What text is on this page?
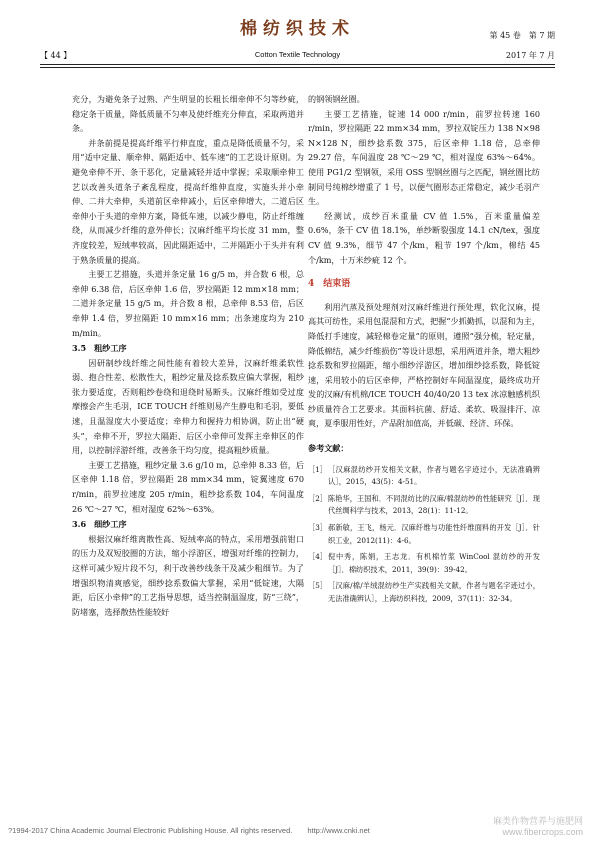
棉纺织技术	第 45 卷　第 7 期
【 44 】	Cotton Textile Technology	2017 年 7 月

充分，为避免条子过熟、产生明显的长粗长细牵伸不匀等纱疵，稳定条干质量，降低质量不匀率及使纤维充分伸直，采取两道并条。

并条前提是提高纤维平行伸直度，重点是降低质量不匀，采用“适中定量、顺牵伸、隔距适中、低车速”的工艺设计原则。为避免牵伸不开、条干恶化，定量减轻并适中掌握；采取顺牵伸工艺以改善头道条子紊乱程度，提高纤维伸直度，实施头并小牵伸、二并大牵伸，头道前区牵伸减小，后区牵伸增大，二道后区牵伸小于头道的牵伸方案，降低车速，以减少静电，防止纤维缠绕，从而减少纤维的意外伸长；汉麻纤维平均长度 31 mm，整齐度较差，短绒率较高，因此隔距适中，二并隔距小于头并有利于熟条质量的提高。

主要工艺措施，头道并条定量 16 g/5 m，并合数 6 根，总牵伸 6.38 倍，后区牵伸 1.6 倍，罗拉隔距 12 mm×18 mm；二道并条定量 15 g/5 m，并合数 8 根，总牵伸 8.53 倍，后区牵伸 1.4 倍，罗拉隔距 10 mm×16 mm；出条速度均为 210 m/min。

3.5　粗纱工序

因研制纱线纤维之间性能有着较大差异，汉麻纤维柔软性弱、抱合性差、松散性大，粗纱定量及捻系数应偏大掌握，粗纱张力要适度，否则粗纱卷绕和退绕时易断头。汉麻纤维如受过度摩擦会产生毛羽，ICE TOUCH 纤维则易产生静电和毛羽，要低速，且温湿度大小要适度；牵伸力和握持力相协调，防止出“硬头”，牵伸不开，罗拉大隔距、后区小牵伸可发挥主牵伸区的作用，以控制浮游纤维，改善条干均匀度，提高粗纱质量。

主要工艺措施，粗纱定量 3.6 g/10 m，总牵伸 8.33 倍，后区牵伸 1.18 倍，罗拉隔距 28 mm×34 mm，锭翼速度 670 r/min，前罗拉速度 205 r/min，粗纱捻系数 104，车间温度 26 ℃～27 ℃，相对湿度 62%～63%。

3.6　细纱工序

根据汉麻纤维离散性高、短绒率高的特点，采用增强前钳口的压力及双短胶圈的方法，缩小浮游区，增强对纤维的控制力，这样可减少短片段不匀，利于改善纱线条干及减少粗细节。为了增强织物清爽感觉，细纱捻系数偏大掌握，采用“低锭速，大隔距，后区小牵伸”的工艺指导思想，适当控制温湿度，防“三绕”，防堵塞，选择散热性能较好

的钢领钢丝圈。

主要工艺措施，锭速 14 000 r/min，前罗拉转速 160 r/min，罗拉隔距 22 mm×34 mm，罗拉双锭压力 138 N×98 N×128 N，细纱捻系数 375，后区牵伸 1.18 倍，总牵伸 29.27 倍，车间温度 28 ℃～29 ℃，相对湿度 63%～64%。使用 PG1/2 型钢领，采用 OSS 型钢丝圈与之匹配，钢丝圈比纺制同号纯棉纱增重了 1 号，以便气圈形态正常稳定，减少毛羽产生。

经测试，成纱百米重量 CV 值 1.5%，百米重量偏差 0.6%，条干 CV 值 18.1%，单纱断裂强度 14.1 cN/tex，强度 CV 值 9.3%，细节 47 个/km，粗节 197 个/km，棉结 45 个/km，十万米纱疵 12 个。

4　结束语

利用汽蒸及预处理剂对汉麻纤维进行预处理，软化汉麻，提高其可纺性，采用包混混和方式，把握“少抓勤抓，以混和为主，降低打手速度，减轻棉卷定量”的原则，遵照“强分梳，轻定量，降低棉结，减少纤维损伤”等设计思想，采用两道并条，增大粗纱捻系数和罗拉隔距，缩小细纱浮游区，增加细纱捻系数，降低锭速，采用较小的后区牵伸，严格控制好车间温湿度，最终成功开发的汉麻/有机棉/ICE TOUCH 40/40/20 13 tex 冰凉触感机织纱质量符合工艺要求。其面料抗菌、舒适、柔软、吸湿排汗、凉爽，夏季服用性好，产品附加值高，并低碳、经济、环保。

参考文献：

［1］ ［汉麻混纺纱开发相关文献，作者与题名字迹过小，无法准确辨认］，2015，43(5)：4-51。
［2］ 陈艳华，王国和．不同混纺比的汉麻/棉混纺纱的性能研究［J］．现代丝绸科学与技术，2013，28(1)：11-12。
［3］ 郝新敏，王飞，杨元．汉麻纤维与功能性纤维面料的开发［J］．针织工业，2012(11)：4-6。
［4］ 倪中秀，陈娟，王志龙．有机棉竹浆 WinCool 混纺纱的开发［J］．棉纺织技术，2011，39(9)：39-42。
［5］ ［汉麻/棉/羊绒混纺纱生产实践相关文献，作者与题名字迹过小，无法准确辨认］，上海纺织科技，2009，37(11)：32-34。
?1994-2017 China Academic Journal Electronic Publishing House. All rights reserved.　　http://www.cnki.net
麻类作物营养与施肥网
www.fibercrops.com
